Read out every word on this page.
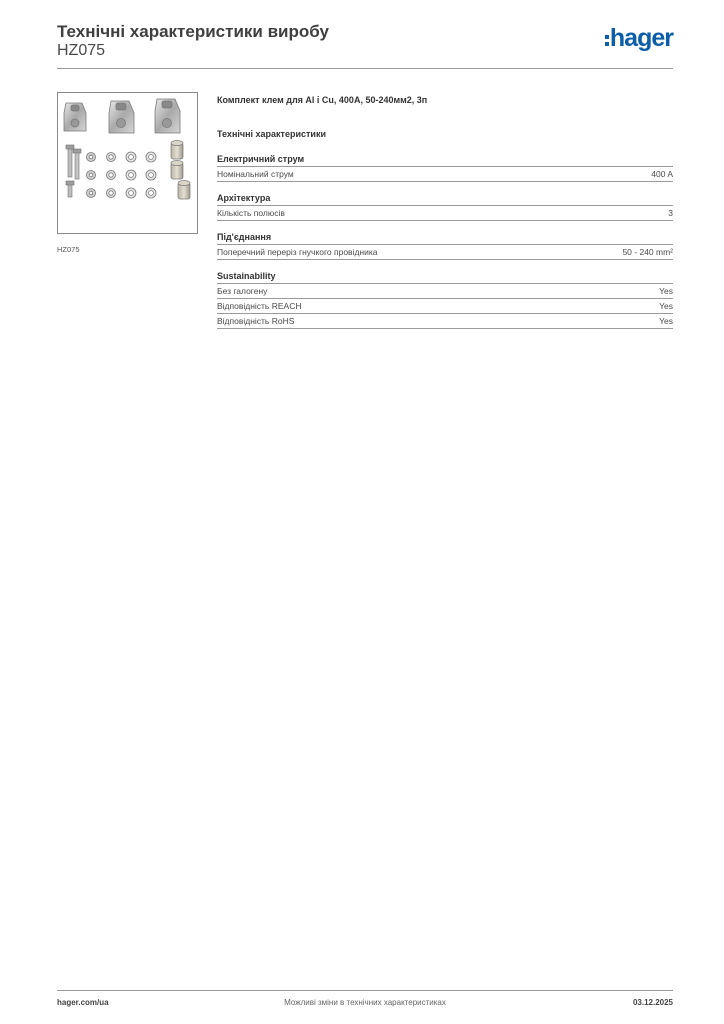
Технічні характеристики виробу
HZ075	hager
HZ075
Комплект клем для Al і Cu, 400A, 50-240мм2, 3п
Технічні характеристики
Електричний струм
Номінальний струм	400 A
Архітектура
Кількість полюсів	3
Під'єднання
Поперечний переріз гнучкого провідника	50 - 240 mm²
Sustainability
Без галогену	Yes
Відповідність REACH	Yes
Відповідність RoHS	Yes
Можливі зміни в технічних характеристиках
hager.com/ua	03.12.2025
